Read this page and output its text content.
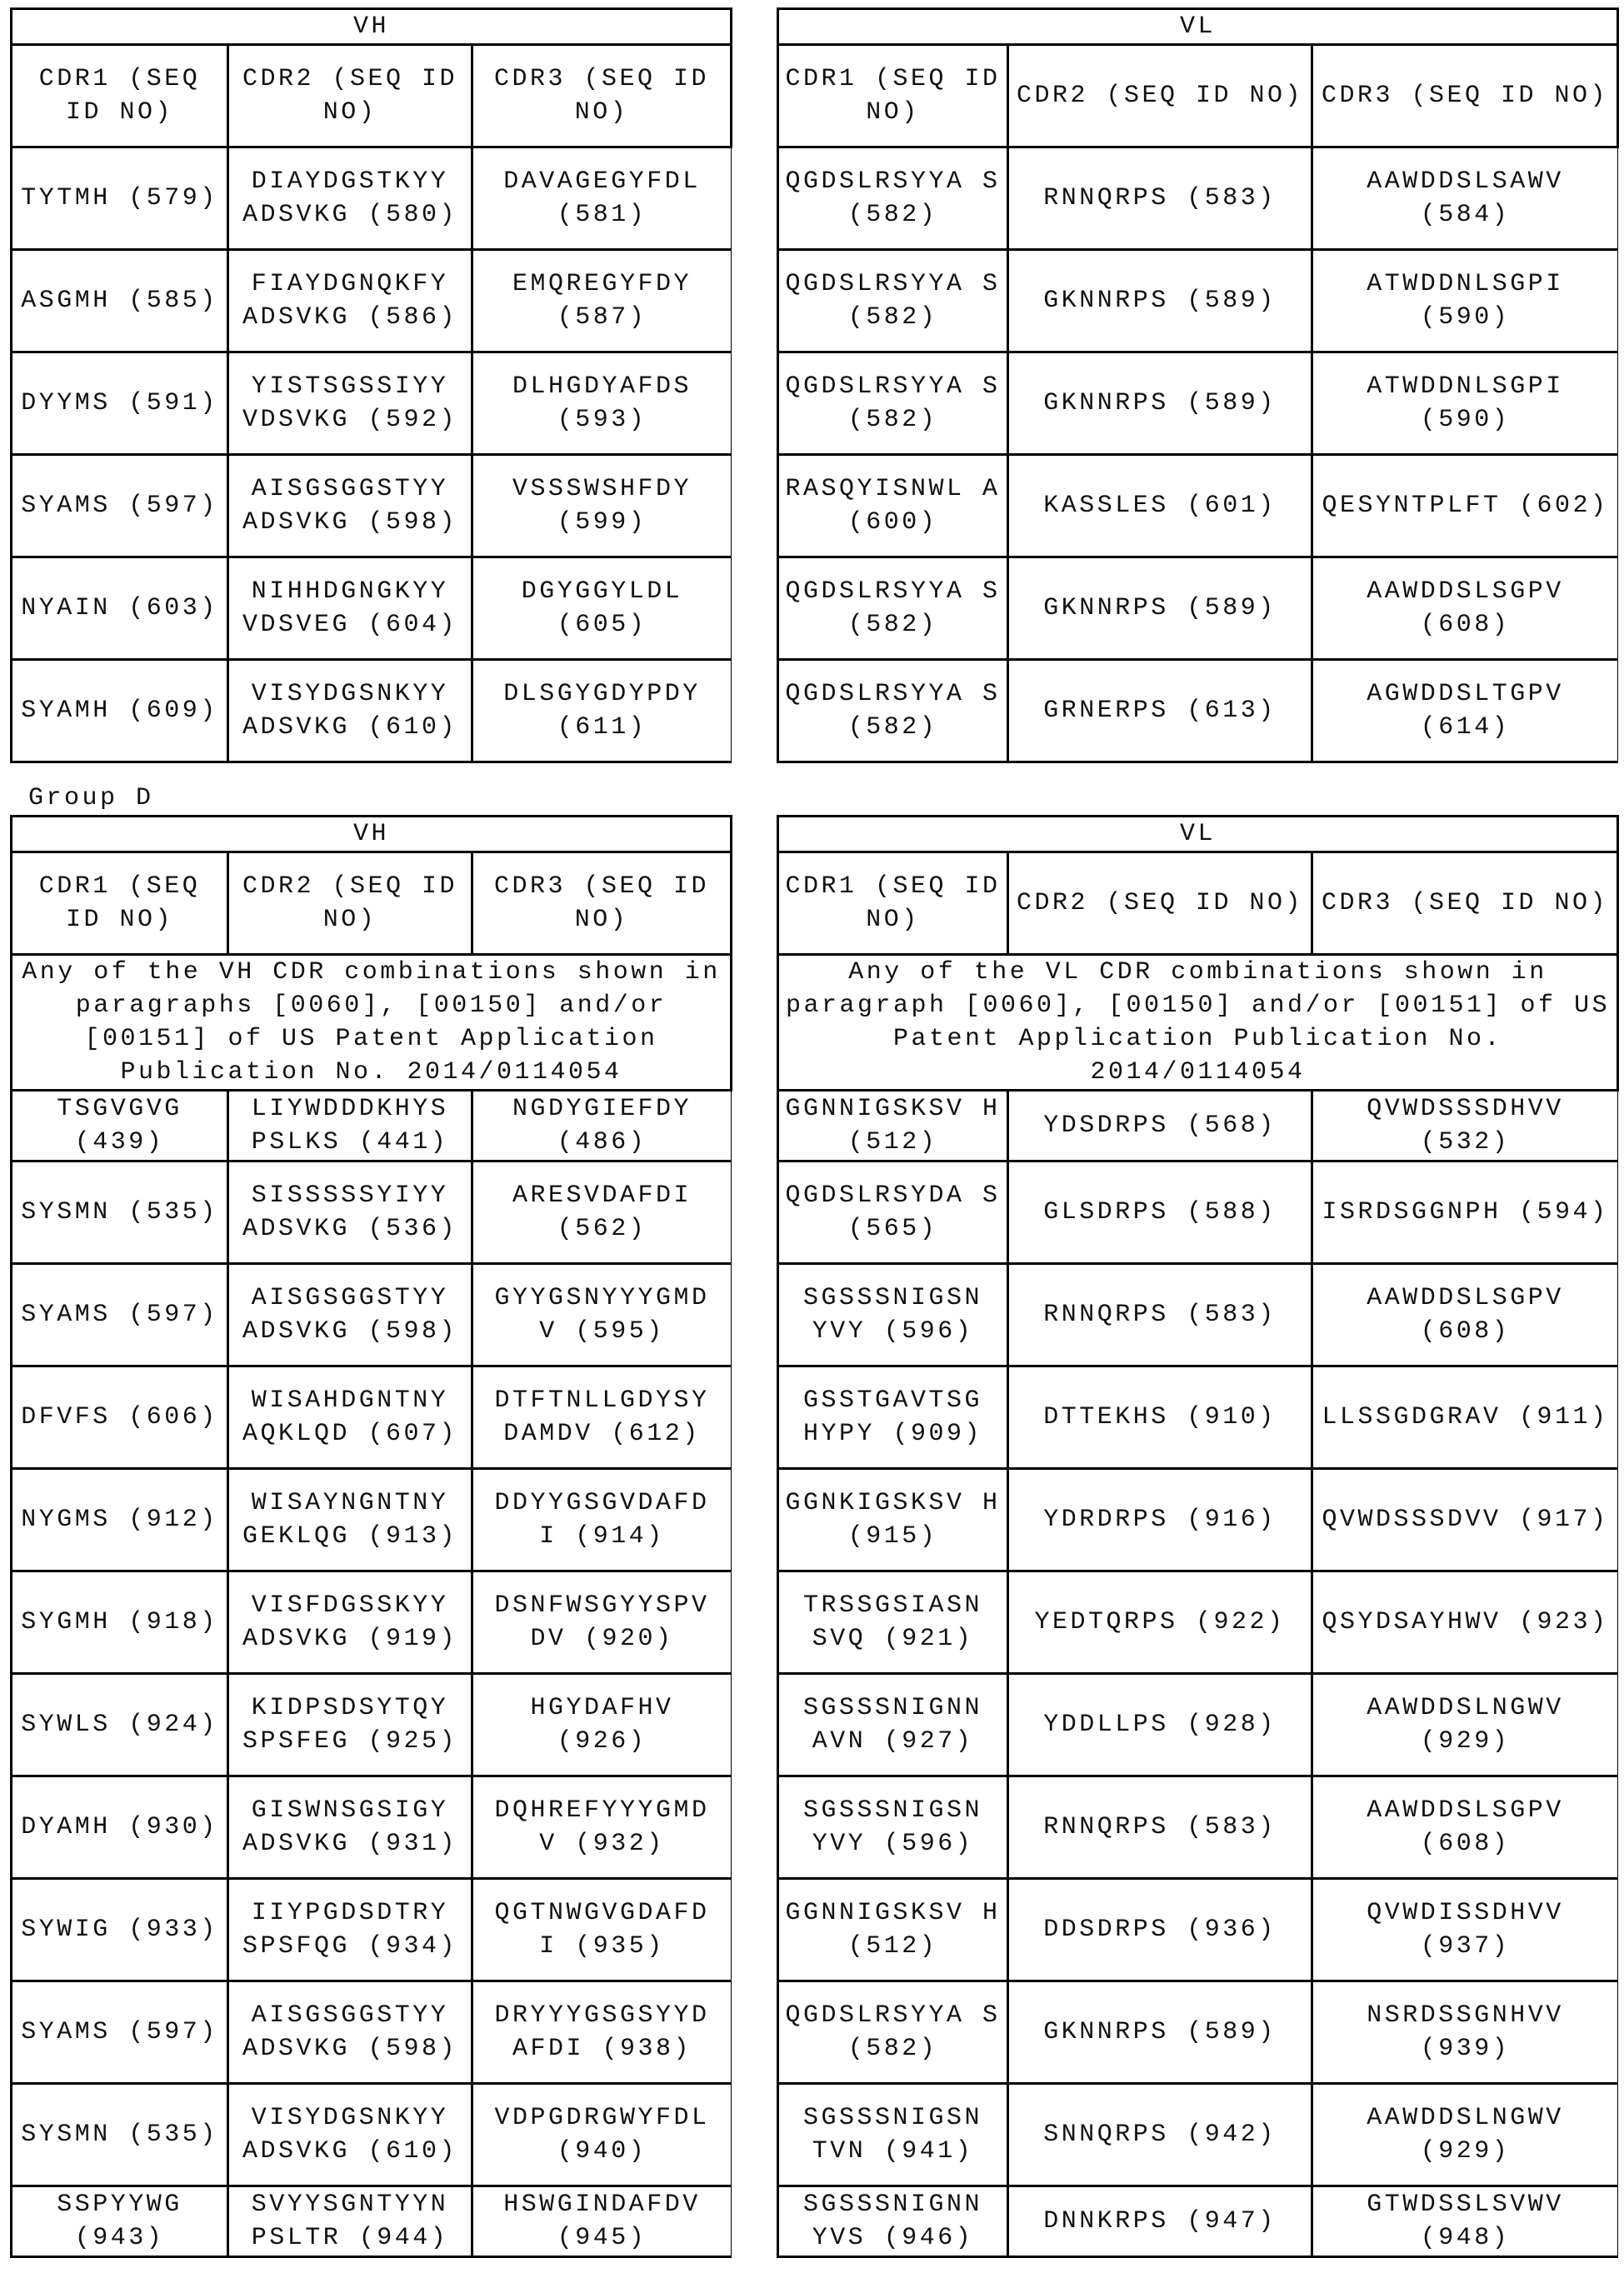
VH
CDR1 (SEQ ID NO)	CDR2 (SEQ ID NO)	CDR3 (SEQ ID NO)
TYTMH (579)	DIAYDGSTKYY ADSVKG (580)	DAVAGEGYFDL (581)
ASGMH (585)	FIAYDGNQKFY ADSVKG (586)	EMQREGYFDY (587)
DYYMS (591)	YISTSGSSIYY VDSVKG (592)	DLHGDYAFDS (593)
SYAMS (597)	AISGSGGSTYY ADSVKG (598)	VSSSWSHFDY (599)
NYAIN (603)	NIHHDGNGKYY VDSVEG (604)	DGYGGYLDL (605)
SYAMH (609)	VISYDGSNKYY ADSVKG (610)	DLSGYGDYPDY (611)
VL
CDR1 (SEQ ID NO)	CDR2 (SEQ ID NO)	CDR3 (SEQ ID NO)
QGDSLRSYYA S (582)	RNNQRPS (583)	AAWDDSLSAWV (584)
QGDSLRSYYA S (582)	GKNNRPS (589)	ATWDDNLSGPI (590)
QGDSLRSYYA S (582)	GKNNRPS (589)	ATWDDNLSGPI (590)
RASQYISNWL A (600)	KASSLES (601)	QESYNTPLFT (602)
QGDSLRSYYA S (582)	GKNNRPS (589)	AAWDDSLSGPV (608)
QGDSLRSYYA S (582)	GRNERPS (613)	AGWDDSLTGPV (614)
Group D
VH
CDR1 (SEQ ID NO)	CDR2 (SEQ ID NO)	CDR3 (SEQ ID NO)
Any of the VH CDR combinations shown in paragraphs [0060], [00150] and/or [00151] of US Patent Application Publication No. 2014/0114054
TSGVGVG (439)	LIYWDDDKHYS PSLKS (441)	NGDYGIEFDY (486)
SYSMN (535)	SISSSSSYIYY ADSVKG (536)	ARESVDAFDI (562)
SYAMS (597)	AISGSGGSTYY ADSVKG (598)	GYYGSNYYYGMD V (595)
DFVFS (606)	WISAHDGNTNY AQKLQD (607)	DTFTNLLGDYSY DAMDV (612)
NYGMS (912)	WISAYNGNTNY GEKLQG (913)	DDYYGSGVDAFD I (914)
SYGMH (918)	VISFDGSSKYY ADSVKG (919)	DSNFWSGYYSPV DV (920)
SYWLS (924)	KIDPSDSYTQY SPSFEG (925)	HGYDAFHV (926)
DYAMH (930)	GISWNSGSIGY ADSVKG (931)	DQHREFYYYGMD V (932)
SYWIG (933)	IIYPGDSDTRY SPSFQG (934)	QGTNWGVGDAFD I (935)
SYAMS (597)	AISGSGGSTYY ADSVKG (598)	DRYYYGSGSYYD AFDI (938)
SYSMN (535)	VISYDGSNKYY ADSVKG (610)	VDPGDRGWYFDL (940)
SSPYYWG (943)	SVYYSGNTYYN PSLTR (944)	HSWGINDAFDV (945)
VL
CDR1 (SEQ ID NO)	CDR2 (SEQ ID NO)	CDR3 (SEQ ID NO)
Any of the VL CDR combinations shown in paragraph [0060], [00150] and/or [00151] of US Patent Application Publication No. 2014/0114054
GGNNIGSKSV H (512)	YDSDRPS (568)	QVWDSSSDHVV (532)
QGDSLRSYDA S (565)	GLSDRPS (588)	ISRDSGGNPH (594)
SGSSSNIGSN YVY (596)	RNNQRPS (583)	AAWDDSLSGPV (608)
GSSTGAVTSG HYPY (909)	DTTEKHS (910)	LLSSGDGRAV (911)
GGNKIGSKSV H (915)	YDRDRPS (916)	QVWDSSSDVV (917)
TRSSGSIASN SVQ (921)	YEDTQRPS (922)	QSYDSAYHWV (923)
SGSSSNIGNN AVN (927)	YDDLLPS (928)	AAWDDSLNGWV (929)
SGSSSNIGSN YVY (596)	RNNQRPS (583)	AAWDDSLSGPV (608)
GGNNIGSKSV H (512)	DDSDRPS (936)	QVWDISSDHVV (937)
QGDSLRSYYA S (582)	GKNNRPS (589)	NSRDSSGNHVV (939)
SGSSSNIGSN TVN (941)	SNNQRPS (942)	AAWDDSLNGWV (929)
SGSSSNIGNN YVS (946)	DNNKRPS (947)	GTWDSSLSVWV (948)
